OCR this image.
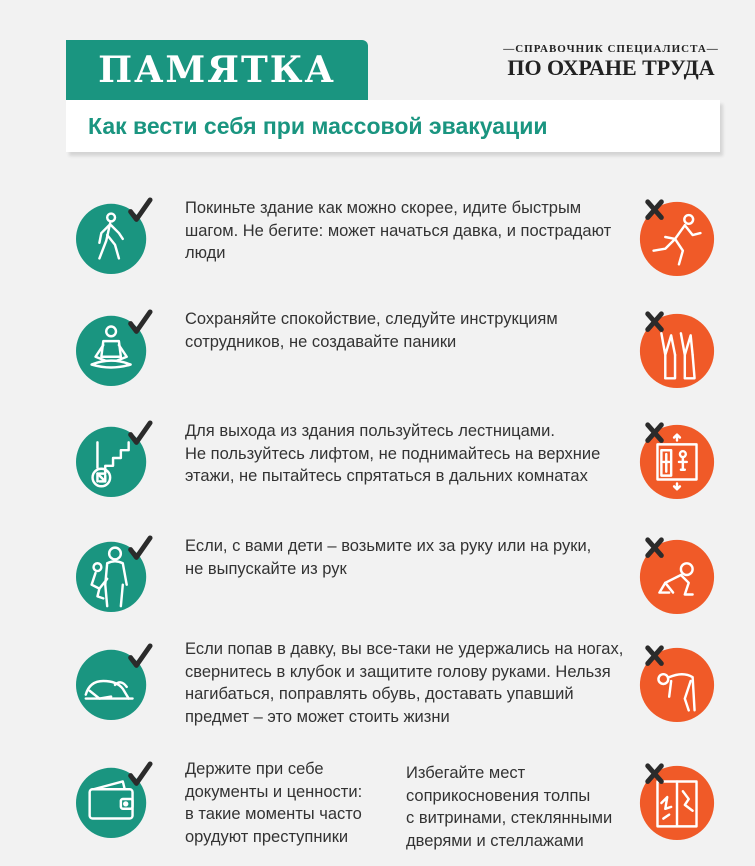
ПАМЯТКА	—СПРАВОЧНИК СПЕЦИАЛИСТА—
ПО ОХРАНЕ ТРУДА
Как вести себя при массовой эвакуации
Покиньте здание как можно скорее, идите быстрым
шагом. Не бегите: может начаться давка, и пострадают
люди
Сохраняйте спокойствие, следуйте инструкциям
сотрудников, не создавайте паники
Для выхода из здания пользуйтесь лестницами.
Не пользуйтесь лифтом, не поднимайтесь на верхние
этажи, не пытайтесь спрятаться в дальних комнатах
Если, с вами дети – возьмите их за руку или на руки,
не выпускайте из рук
Если попав в давку, вы все-таки не удержались на ногах,
свернитесь в клубок и защитите голову руками. Нельзя
нагибаться, поправлять обувь, доставать упавший
предмет – это может стоить жизни
Держите при себе
документы и ценности:
в такие моменты часто
орудуют преступники
Избегайте мест
соприкосновения толпы
с витринами, стеклянными
дверями и стеллажами
